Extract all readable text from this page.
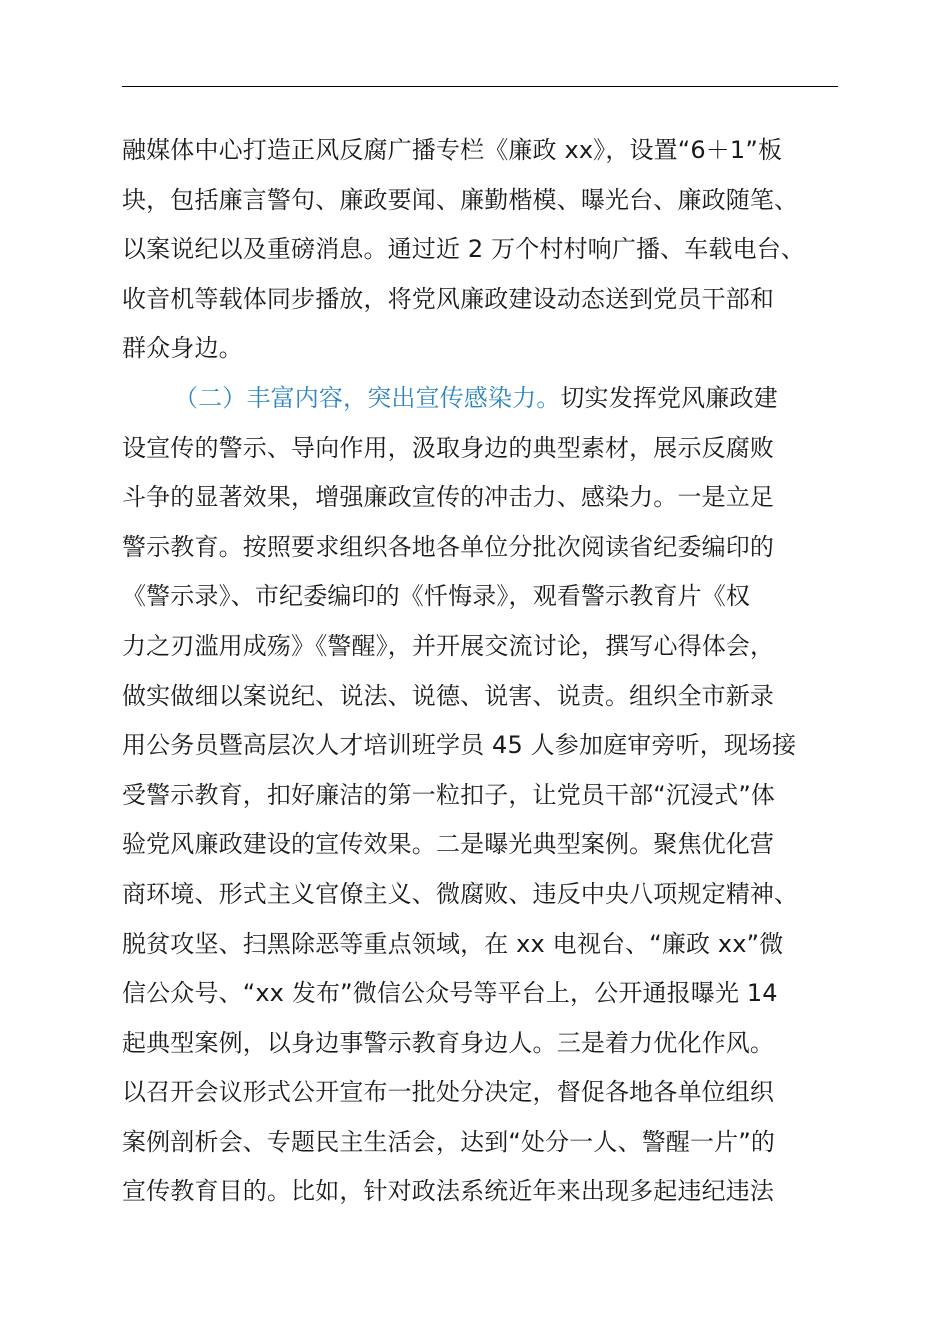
融媒体中心打造正风反腐广播专栏《廉政 xx》，设置“6＋1”板
块，包括廉言警句、廉政要闻、廉勤楷模、曝光台、廉政随笔、
以案说纪以及重磅消息。通过近 2 万个村村响广播、车载电台、
收音机等载体同步播放，将党风廉政建设动态送到党员干部和
群众身边。
（二）丰富内容，突出宣传感染力。切实发挥党风廉政建
设宣传的警示、导向作用，汲取身边的典型素材，展示反腐败
斗争的显著效果，增强廉政宣传的冲击力、感染力。一是立足
警示教育。按照要求组织各地各单位分批次阅读省纪委编印的
《警示录》、市纪委编印的《忏悔录》，观看警示教育片《权
力之刃滥用成殇》《警醒》，并开展交流讨论，撰写心得体会，
做实做细以案说纪、说法、说德、说害、说责。组织全市新录
用公务员暨高层次人才培训班学员 45 人参加庭审旁听，现场接
受警示教育，扣好廉洁的第一粒扣子，让党员干部“沉浸式”体
验党风廉政建设的宣传效果。二是曝光典型案例。聚焦优化营
商环境、形式主义官僚主义、微腐败、违反中央八项规定精神、
脱贫攻坚、扫黑除恶等重点领域，在 xx 电视台、“廉政 xx”微
信公众号、“xx 发布”微信公众号等平台上，公开通报曝光 14
起典型案例，以身边事警示教育身边人。三是着力优化作风。
以召开会议形式公开宣布一批处分决定，督促各地各单位组织
案例剖析会、专题民主生活会，达到“处分一人、警醒一片”的
宣传教育目的。比如，针对政法系统近年来出现多起违纪违法
